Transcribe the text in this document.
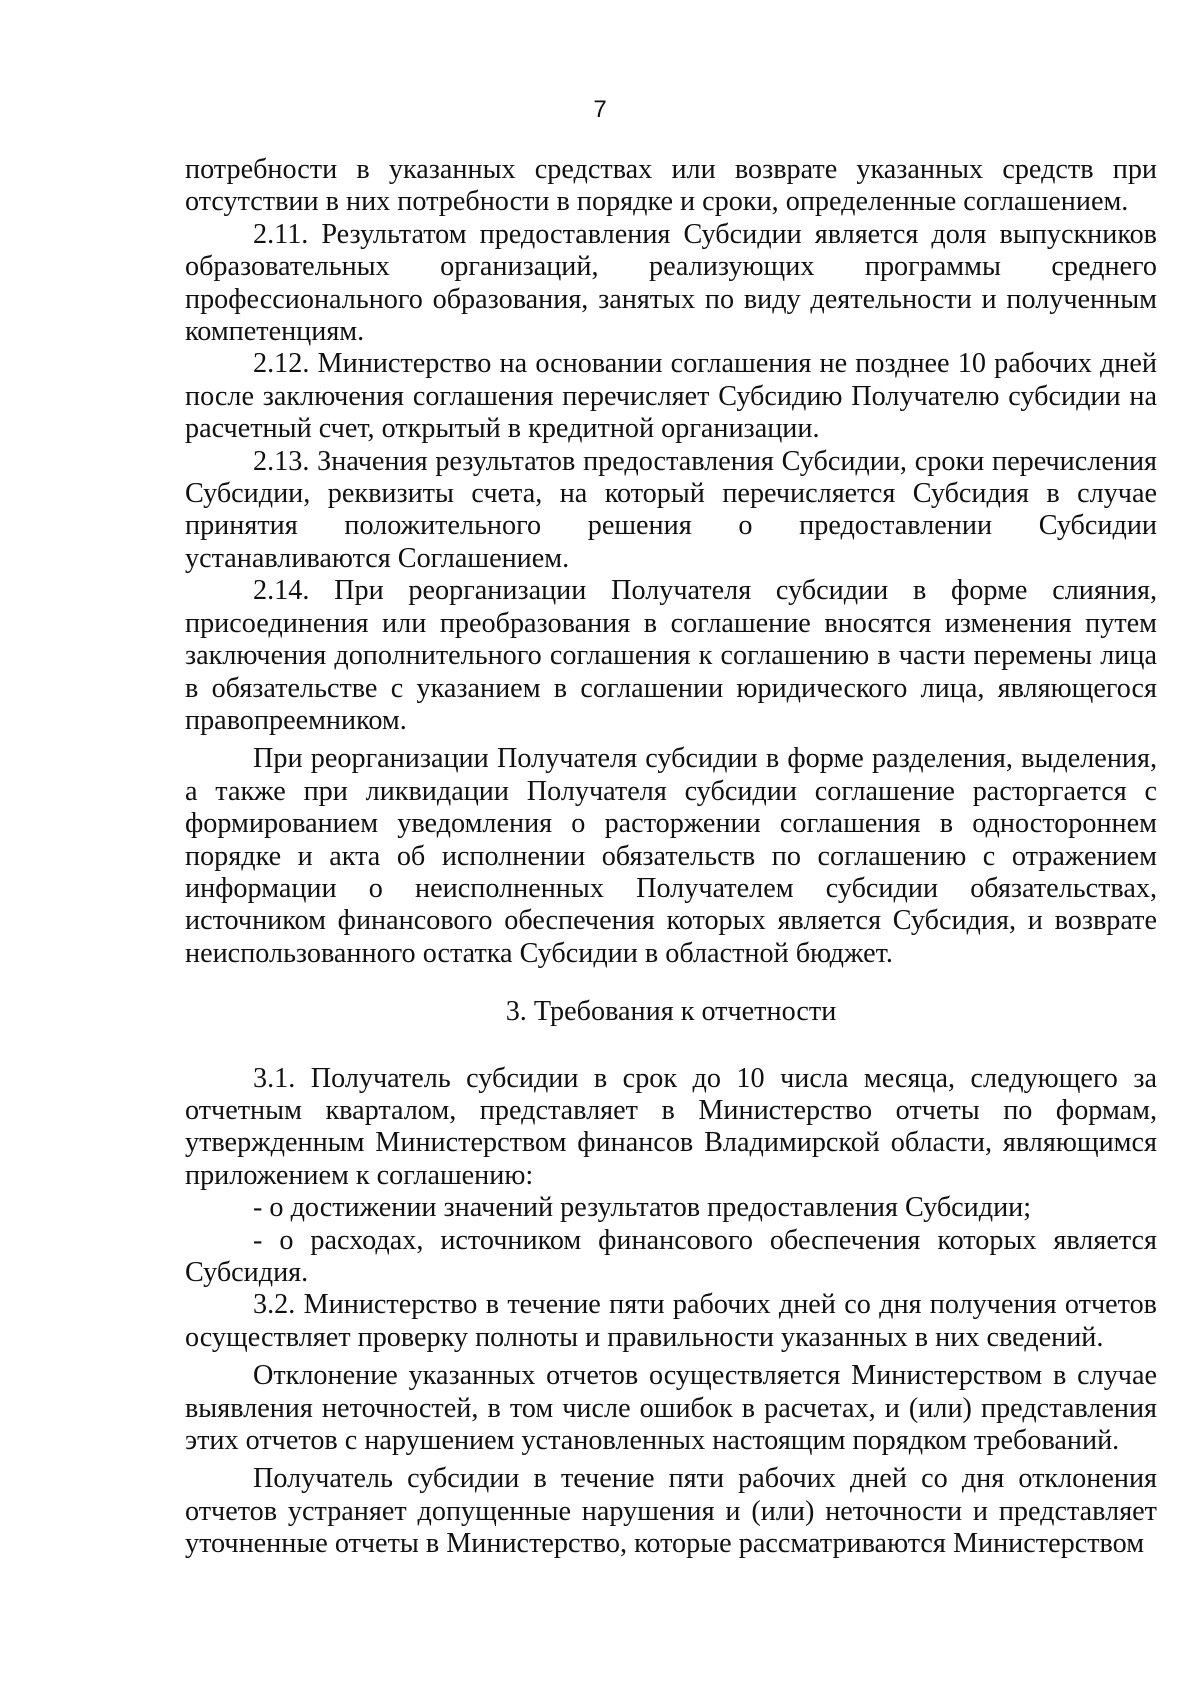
7

потребности в указанных средствах или возврате указанных средств при отсутствии в них потребности в порядке и сроки, определенные соглашением.

2.11. Результатом предоставления Субсидии является доля выпускников образовательных организаций, реализующих программы среднего профессионального образования, занятых по виду деятельности и полученным компетенциям.

2.12. Министерство на основании соглашения не позднее 10 рабочих дней после заключения соглашения перечисляет Субсидию Получателю субсидии на расчетный счет, открытый в кредитной организации.

2.13. Значения результатов предоставления Субсидии, сроки перечисления Субсидии, реквизиты счета, на который перечисляется Субсидия в случае принятия положительного решения о предоставлении Субсидии устанавливаются Соглашением.

2.14. При реорганизации Получателя субсидии в форме слияния, присоединения или преобразования в соглашение вносятся изменения путем заключения дополнительного соглашения к соглашению в части перемены лица в обязательстве с указанием в соглашении юридического лица, являющегося правопреемником.

При реорганизации Получателя субсидии в форме разделения, выделения, а также при ликвидации Получателя субсидии соглашение расторгается с формированием уведомления о расторжении соглашения в одностороннем порядке и акта об исполнении обязательств по соглашению с отражением информации о неисполненных Получателем субсидии обязательствах, источником финансового обеспечения которых является Субсидия, и возврате неиспользованного остатка Субсидии в областной бюджет.

3. Требования к отчетности

3.1. Получатель субсидии в срок до 10 числа месяца, следующего за отчетным кварталом, представляет в Министерство отчеты по формам, утвержденным Министерством финансов Владимирской области, являющимся приложением к соглашению:

- о достижении значений результатов предоставления Субсидии;

- о расходах, источником финансового обеспечения которых является Субсидия.

3.2. Министерство в течение пяти рабочих дней со дня получения отчетов осуществляет проверку полноты и правильности указанных в них сведений.

Отклонение указанных отчетов осуществляется Министерством в случае выявления неточностей, в том числе ошибок в расчетах, и (или) представления этих отчетов с нарушением установленных настоящим порядком требований.

Получатель субсидии в течение пяти рабочих дней со дня отклонения отчетов устраняет допущенные нарушения и (или) неточности и представляет уточненные отчеты в Министерство, которые рассматриваются Министерством
